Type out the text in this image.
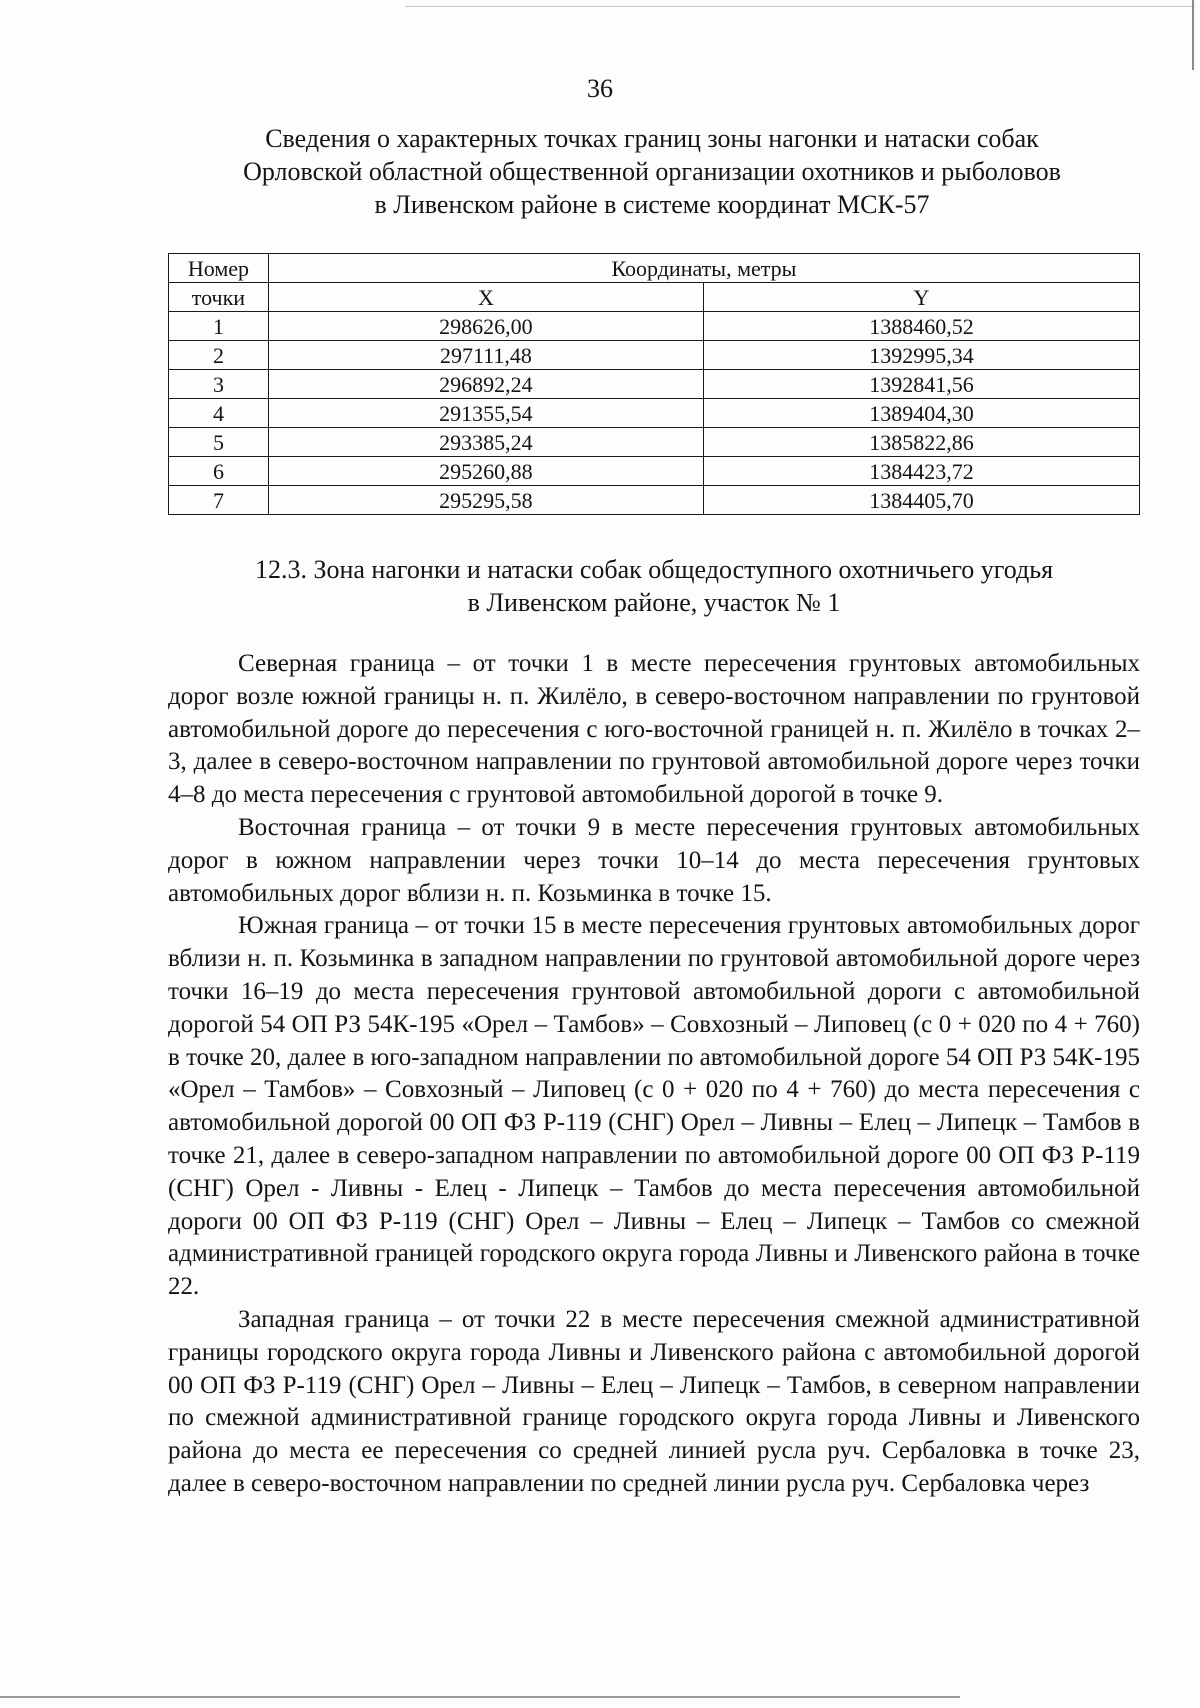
36
Сведения о характерных точках границ зоны нагонки и натаски собак
Орловской областной общественной организации охотников и рыболовов
в Ливенском районе в системе координат МСК-57
Номер	Координаты, метры	
точки	X	Y
1	298626,00	1388460,52
2	297111,48	1392995,34
3	296892,24	1392841,56
4	291355,54	1389404,30
5	293385,24	1385822,86
6	295260,88	1384423,72
7	295295,58	1384405,70
12.3. Зона нагонки и натаски собак общедоступного охотничьего угодья
в Ливенском районе, участок № 1

Северная граница – от точки 1 в месте пересечения грунтовых автомобильных дорог возле южной границы н. п. Жилёло, в северо-восточном направлении по грунтовой автомобильной дороге до пересечения с юго-восточной границей н. п. Жилёло в точках 2–3, далее в северо-восточном направлении по грунтовой автомобильной дороге через точки 4–8 до места пересечения с грунтовой автомобильной дорогой в точке 9.

Восточная граница – от точки 9 в месте пересечения грунтовых автомобильных дорог в южном направлении через точки 10–14 до места пересечения грунтовых автомобильных дорог вблизи н. п. Козьминка в точке 15.

Южная граница – от точки 15 в месте пересечения грунтовых автомобильных дорог вблизи н. п. Козьминка в западном направлении по грунтовой автомобильной дороге через точки 16–19 до места пересечения грунтовой автомобильной дороги с автомобильной дорогой 54 ОП РЗ 54К-195 «Орел – Тамбов» – Совхозный – Липовец (с 0 + 020 по 4 + 760) в точке 20, далее в юго-западном направлении по автомобильной дороге 54 ОП РЗ 54К-195 «Орел – Тамбов» – Совхозный – Липовец (с 0 + 020 по 4 + 760) до места пересечения с автомобильной дорогой 00 ОП ФЗ Р-119 (СНГ) Орел – Ливны – Елец – Липецк – Тамбов в точке 21, далее в северо-западном направлении по автомобильной дороге 00 ОП ФЗ Р-119 (СНГ) Орел - Ливны - Елец - Липецк – Тамбов до места пересечения автомобильной дороги 00 ОП ФЗ Р-119 (СНГ) Орел – Ливны – Елец – Липецк – Тамбов со смежной административной границей городского округа города Ливны и Ливенского района в точке 22.

Западная граница – от точки 22 в месте пересечения смежной административной границы городского округа города Ливны и Ливенского района с автомобильной дорогой 00 ОП ФЗ Р-119 (СНГ) Орел – Ливны – Елец – Липецк – Тамбов, в северном направлении по смежной административной границе городского округа города Ливны и Ливенского района до места ее пересечения со средней линией русла руч. Сербаловка в точке 23, далее в северо-восточном направлении по средней линии русла руч. Сербаловка через
